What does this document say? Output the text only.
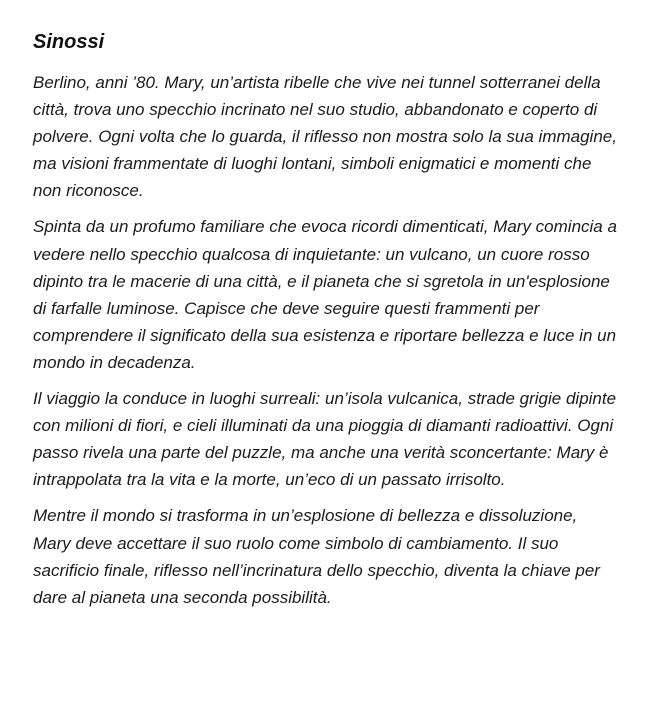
Sinossi

Berlino, anni ’80. Mary, un’artista ribelle che vive nei tunnel sotterranei della città, trova uno specchio incrinato nel suo studio, abbandonato e coperto di polvere. Ogni volta che lo guarda, il riflesso non mostra solo la sua immagine, ma visioni frammentate di luoghi lontani, simboli enigmatici e momenti che non riconosce.

Spinta da un profumo familiare che evoca ricordi dimenticati, Mary comincia a vedere nello specchio qualcosa di inquietante: un vulcano, un cuore rosso dipinto tra le macerie di una città, e il pianeta che si sgretola in un'esplosione di farfalle luminose. Capisce che deve seguire questi frammenti per comprendere il significato della sua esistenza e riportare bellezza e luce in un mondo in decadenza.

Il viaggio la conduce in luoghi surreali: un’isola vulcanica, strade grigie dipinte con milioni di fiori, e cieli illuminati da una pioggia di diamanti radioattivi. Ogni passo rivela una parte del puzzle, ma anche una verità sconcertante: Mary è intrappolata tra la vita e la morte, un’eco di un passato irrisolto.

Mentre il mondo si trasforma in un’esplosione di bellezza e dissoluzione, Mary deve accettare il suo ruolo come simbolo di cambiamento. Il suo sacrificio finale, riflesso nell’incrinatura dello specchio, diventa la chiave per dare al pianeta una seconda possibilità.
